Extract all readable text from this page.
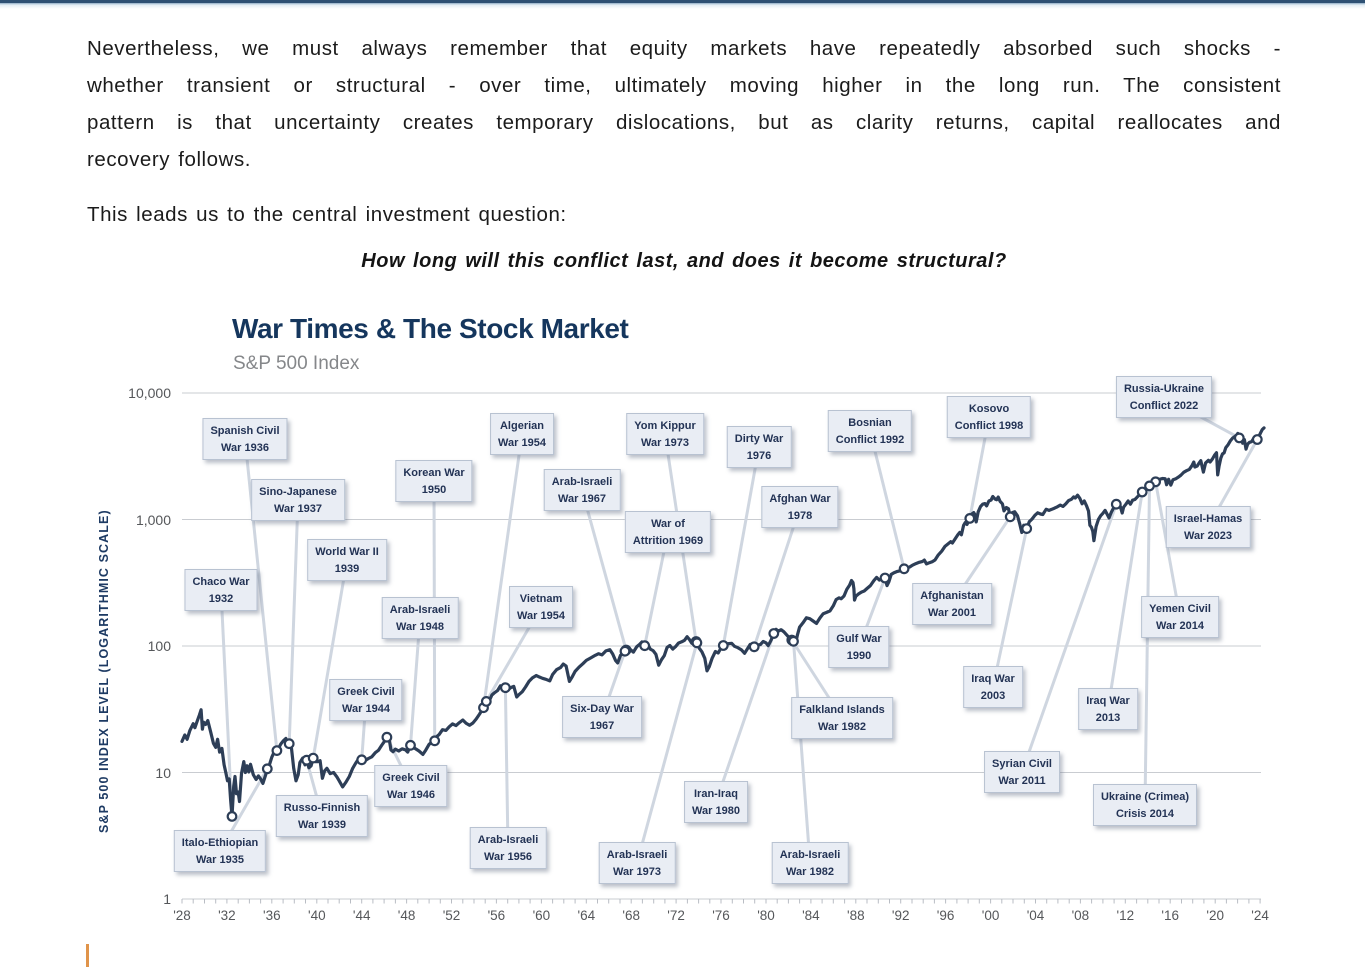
Nevertheless, we must always remember that equity markets have repeatedly absorbed such shocks -
whether transient or structural - over time, ultimately moving higher in the long run. The consistent
pattern is that uncertainty creates temporary dislocations, but as clarity returns, capital reallocates and
recovery follows.
This leads us to the central investment question:
How long will this conflict last, and does it become structural?
War Times & The Stock Market
S&P 500 Index
S&P 500 INDEX LEVEL (LOGARITHMIC SCALE)
1
10
100
1,000
10,000
'28 '32 '36 '40 '44 '48 '52 '56 '60 '64 '68 '72 '76 '80 '84 '88 '92 '96 '00 '04 '08 '12 '16 '20 '24
Chaco War
1932
Italo-Ethiopian
War 1935
Spanish Civil
War 1936
Sino-Japanese
War 1937
Russo-Finnish
War 1939
World War II
1939
Greek Civil
War 1944
Greek Civil
War 1946
Arab-Israeli
War 1948
Korean War
1950
Algerian
War 1954
Vietnam
War 1954
Arab-Israeli
War 1956
Arab-Israeli
War 1967
Six-Day War
1967
War of
Attrition 1969
Yom Kippur
War 1973
Arab-Israeli
War 1973
Dirty War
1976
Afghan War
1978
Iran-Iraq
War 1980
Falkland Islands
War 1982
Arab-Israeli
War 1982
Gulf War
1990
Bosnian
Conflict 1992
Kosovo
Conflict 1998
Afghanistan
War 2001
Iraq War
2003
Syrian Civil
War 2011
Iraq War
2013
Yemen Civil
War 2014
Ukraine (Crimea)
Crisis 2014
Russia-Ukraine
Conflict 2022
Israel-Hamas
War 2023
